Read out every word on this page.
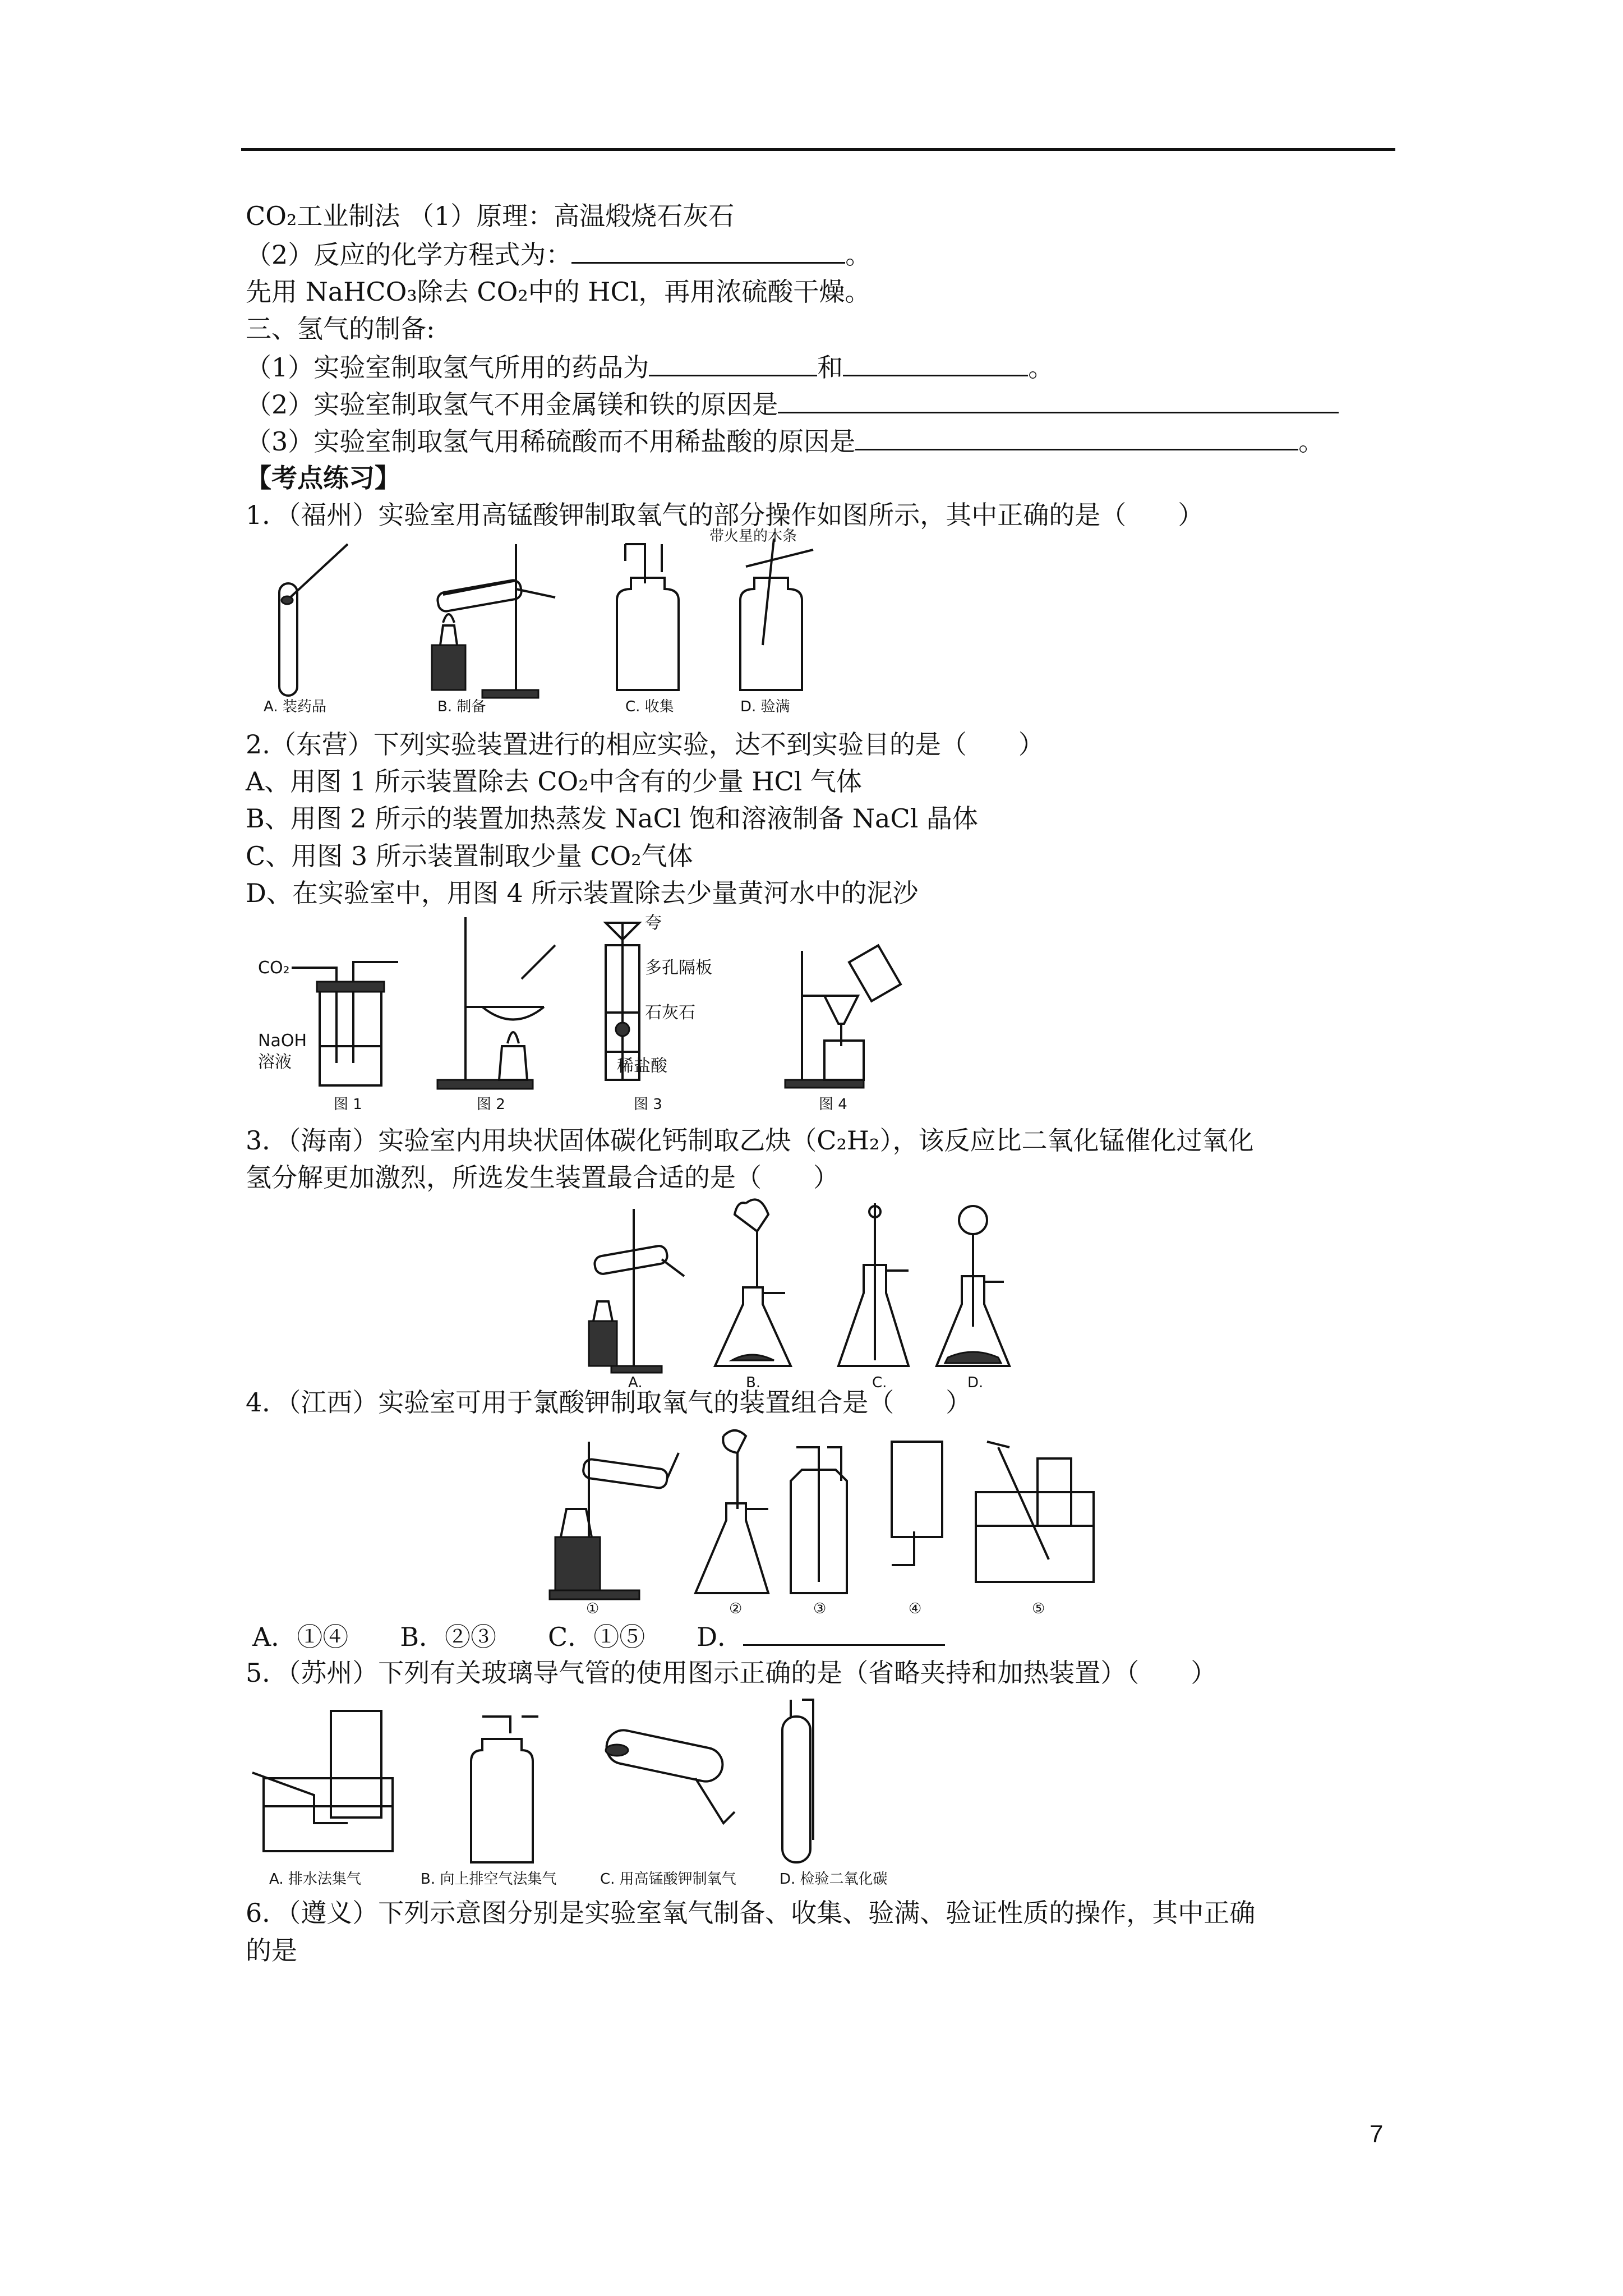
CO₂工业制法 （1）原理：高温煅烧石灰石
（2）反应的化学方程式为：	。
先用 NaHCO₃除去 CO₂中的 HCl，再用浓硫酸干燥。
三、氢气的制备:
（1）实验室制取氢气所用的药品为	和	。
（2）实验室制取氢气不用金属镁和铁的原因是
（3）实验室制取氢气用稀硫酸而不用稀盐酸的原因是	。
【考点练习】
1．（福州）实验室用高锰酸钾制取氧气的部分操作如图所示，其中正确的是（　　）
带火星的木条
A. 装药品	B. 制备	C. 收集	D. 验满
2.（东营）下列实验装置进行的相应实验，达不到实验目的是（　　）
A、用图 1 所示装置除去 CO₂中含有的少量 HCl 气体
B、用图 2 所示的装置加热蒸发 NaCl 饱和溶液制备 NaCl 晶体
C、用图 3 所示装置制取少量 CO₂气体
D、在实验室中，用图 4 所示装置除去少量黄河水中的泥沙
CO₂
NaOH
溶液
夸
多孔隔板
石灰石
稀盐酸
图 1	图 2	图 3	图 4
3．（海南）实验室内用块状固体碳化钙制取乙炔（C₂H₂），该反应比二氧化锰催化过氧化
氢分解更加激烈，所选发生装置最合适的是（　　）
A.	B.	C.	D.
4．（江西）实验室可用于氯酸钾制取氧气的装置组合是（　　）
①	②	③	④	⑤
A．①④　　B．②③　　C．①⑤　　D．
5．（苏州）下列有关玻璃导气管的使用图示正确的是（省略夹持和加热装置）（　　）
A. 排水法集气	B. 向上排空气法集气	C. 用高锰酸钾制氧气	D. 检验二氧化碳
6．（遵义）下列示意图分别是实验室氧气制备、收集、验满、验证性质的操作，其中正确
的是
7
